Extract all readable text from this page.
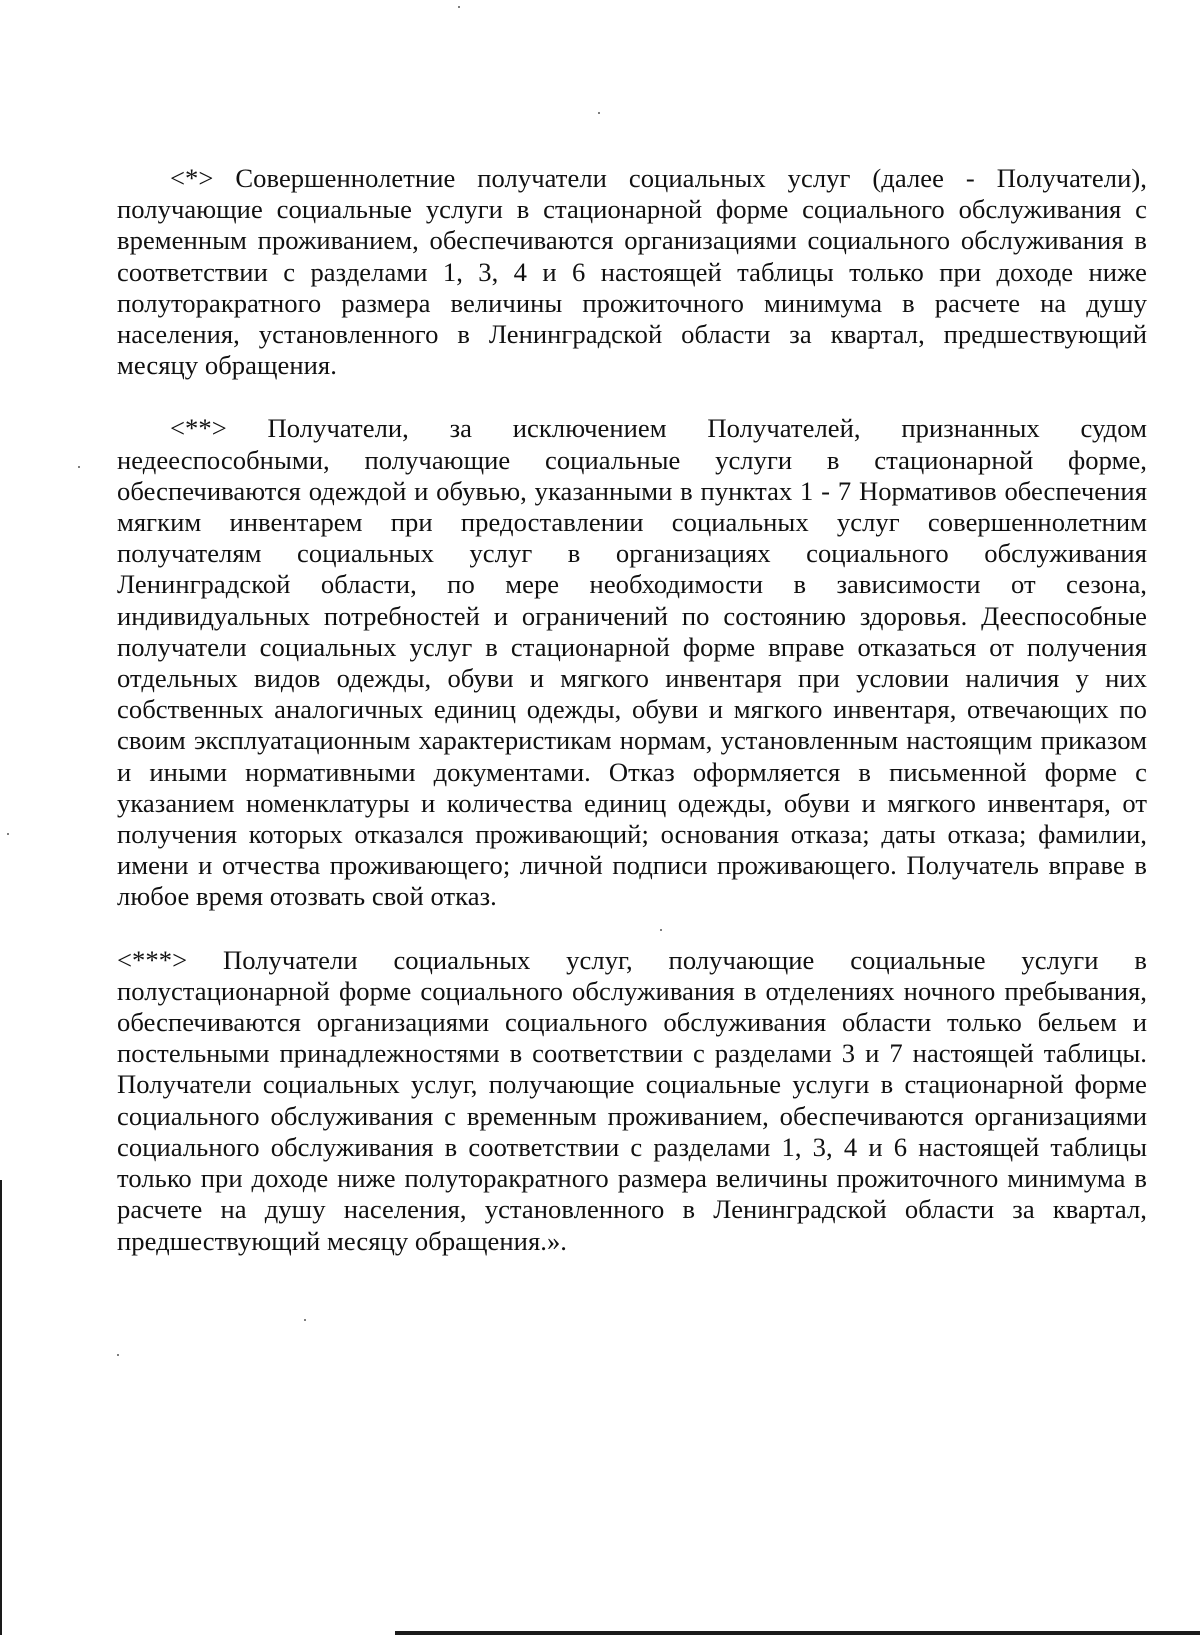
<*> Совершеннолетние получатели социальных услуг (далее - Получатели), получающие социальные услуги в стационарной форме социального обслуживания с временным проживанием, обеспечиваются организациями социального обслуживания в соответствии с разделами 1, 3, 4 и 6 настоящей таблицы только при доходе ниже полуторакратного размера величины прожиточного минимума в расчете на душу населения, установленного в Ленинградской области за квартал, предшествующий месяцу обращения.

<**> Получатели, за исключением Получателей, признанных судом недееспособными, получающие социальные услуги в стационарной форме, обеспечиваются одеждой и обувью, указанными в пунктах 1 - 7 Нормативов обеспечения мягким инвентарем при предоставлении социальных услуг совершеннолетним получателям социальных услуг в организациях социального обслуживания Ленинградской области, по мере необходимости в зависимости от сезона, индивидуальных потребностей и ограничений по состоянию здоровья. Дееспособные получатели социальных услуг в стационарной форме вправе отказаться от получения отдельных видов одежды, обуви и мягкого инвентаря при условии наличия у них собственных аналогичных единиц одежды, обуви и мягкого инвентаря, отвечающих по своим эксплуатационным характеристикам нормам, установленным настоящим приказом и иными нормативными документами. Отказ оформляется в письменной форме с указанием номенклатуры и количества единиц одежды, обуви и мягкого инвентаря, от получения которых отказался проживающий; основания отказа; даты отказа; фамилии, имени и отчества проживающего; личной подписи проживающего. Получатель вправе в любое время отозвать свой отказ.

<***> Получатели социальных услуг, получающие социальные услуги в полустационарной форме социального обслуживания в отделениях ночного пребывания, обеспечиваются организациями социального обслуживания области только бельем и постельными принадлежностями в соответствии с разделами 3 и 7 настоящей таблицы. Получатели социальных услуг, получающие социальные услуги в стационарной форме социального обслуживания с временным проживанием, обеспечиваются организациями социального обслуживания в соответствии с разделами 1, 3, 4 и 6 настоящей таблицы только при доходе ниже полуторакратного размера величины прожиточного минимума в расчете на душу населения, установленного в Ленинградской области за квартал, предшествующий месяцу обращения.».
